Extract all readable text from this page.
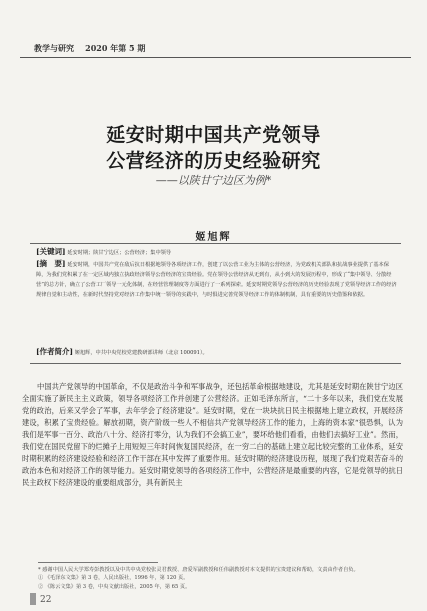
教学与研究 2020 年第 5 期
延安时期中国共产党领导
公营经济的历史经验研究
——以陕甘宁边区为例*
姬旭辉
[关键词] 延安时期；陕甘宁边区；公营经济；集中领导
[摘　要] 延安时期，中国共产党在敌后抗日根据地领导各项经济工作，创建了以公营工业为主体的公营经济，为党政机关部队和抗战事业提供了基本保障，为我们党积累了在一定区域内独立执政经济领导公营经济的宝贵经验。党在领导公营经济从无到有，从小到大的发展历程中，形成了“集中领导、分散经营”的总方针，确立了公营工厂领导一元化体制，在经营管理制度等方面进行了一系列探索。延安时期党领导公营经济的历史经验表现了党领导经济工作的经济规律自觉和主动性，在新时代坚持党对经济工作集中统一领导的实践中，与时俱进完善党领导经济工作的体制机制，具有重要的历史借鉴和依据。
[作者简介] 姬旭辉，中共中央党校党建教研部讲师（北京 100091）。

中国共产党领导的中国革命，不仅是政治斗争和军事战争，还包括革命根据地建设，尤其是延安时期在陕甘宁边区全面实施了新民主主义政策，领导各项经济工作并创建了公营经济。正如毛泽东所言，“二十多年以来，我们党在发展党的政治，后来又学会了军事，去年学会了经济建设”。延安时期，党在一块块抗日民主根据地上建立政权，开展经济建设，积累了宝贵经验。解放初期，资产阶级一些人不相信共产党领导经济工作的能力，上海的资本家“很恐惧，认为我们是军事一百分、政治八十分、经济打零分，认为我们不会搞工业”，要坏给他们看看，由他们去搞好工业”。然而，我们党在国民党留下的烂摊子上用短短三年时间恢复国民经济，在一穷二白的基础上建立起比较完整的工业体系，延安时期积累的经济建设经验和经济工作干部在其中发挥了重要作用。延安时期的经济建设历程，展现了我们党艰苦奋斗的政治本色和对经济工作的领导能力。延安时期党领导的各项经济工作中，公营经济是最重要的内容，它是党领导的抗日民主政权下经济建设的重要组成部分，具有新民主

* 感谢中国人民大学郑寿彭教授以及中共中央党校张灵君教授、唐爱军副教授和任伟副教授对本文提供的宝贵建议和帮助，文责由作者自负。
① 《毛泽东文集》第 3 卷，人民出版社，1996 年，第 120 页。
② 《陈云文集》第 3 卷，中央文献出版社，2005 年，第 65 页。
22
